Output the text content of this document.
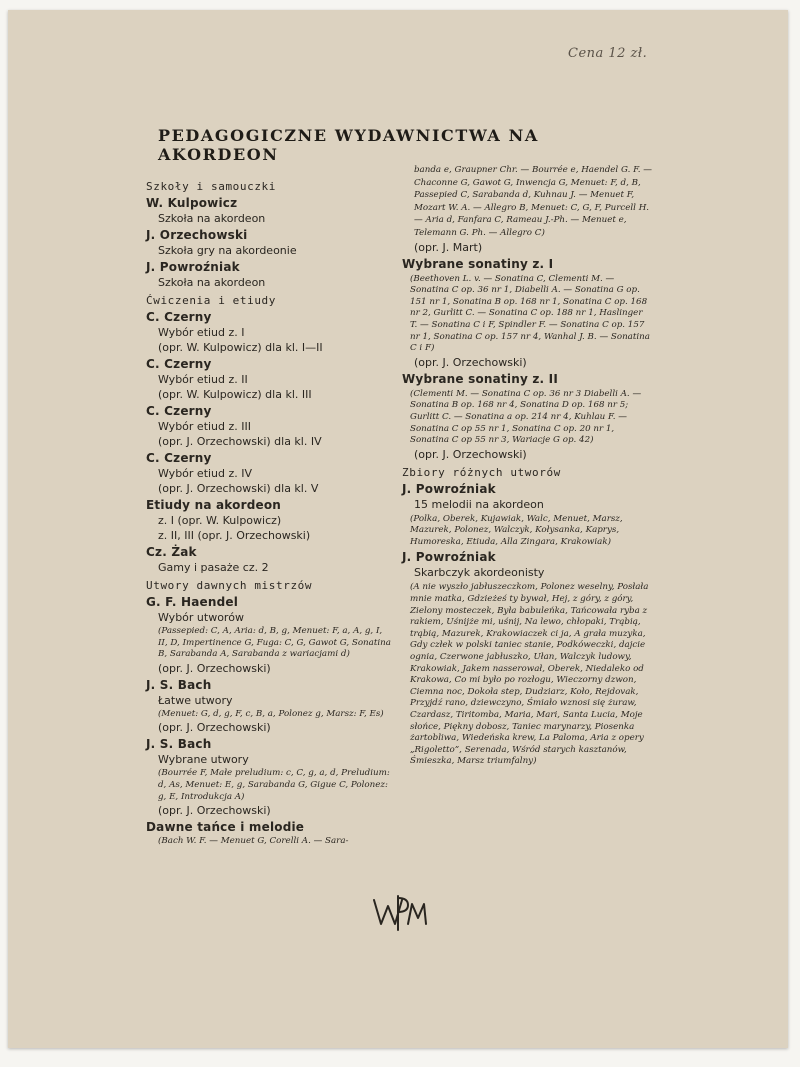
Cena 12 zł.
PEDAGOGICZNE WYDAWNICTWA NA AKORDEON
Szkoły i samouczki
W. Kulpowicz
Szkoła na akordeon
J. Orzechowski
Szkoła gry na akordeonie
J. Powroźniak
Szkoła na akordeon
Ćwiczenia i etiudy
C. Czerny
Wybór etiud z. I
(opr. W. Kulpowicz) dla kl. I—II
C. Czerny
Wybór etiud z. II
(opr. W. Kulpowicz) dla kl. III
C. Czerny
Wybór etiud z. III
(opr. J. Orzechowski) dla kl. IV
C. Czerny
Wybór etiud z. IV
(opr. J. Orzechowski) dla kl. V
Etiudy na akordeon
z. I (opr. W. Kulpowicz)
z. II, III (opr. J. Orzechowski)
Cz. Żak
Gamy i pasaże cz. 2
Utwory dawnych mistrzów
G. F. Haendel
Wybór utworów
(Passepied: C, A, Aria: d, B, g, Menuet: F, a, A, g, I, II, D, Impertinence G, Fuga: C, G, Gawot G, Sonatina B, Sarabanda A, Sarabanda z wariacjami d)
(opr. J. Orzechowski)
J. S. Bach
Łatwe utwory
(Menuet: G, d, g, F, c, B, a, Polonez g, Marsz: F, Es)
(opr. J. Orzechowski)
J. S. Bach
Wybrane utwory
(Bourrée F, Małe preludium: c, C, g, a, d, Preludium: d, As, Menuet: E, g, Sarabanda G, Gigue C, Polonez: g, E, Introdukcja A)
(opr. J. Orzechowski)
Dawne tańce i melodie
(Bach W. F. — Menuet G, Corelli A. — Sara-
banda e, Graupner Chr. — Bourrée e, Haendel G. F. — Chaconne G, Gawot G, Inwencja G, Menuet: F, d, B, Passepied C, Sarabanda d, Kuhnau J. — Menuet F, Mozart W. A. — Allegro B, Menuet: C, G, F, Purcell H. — Aria d, Fanfara C, Rameau J.-Ph. — Menuet e, Telemann G. Ph. — Allegro C)
(opr. J. Mart)
Wybrane sonatiny z. I
(Beethoven L. v. — Sonatina C, Clementi M. — Sonatina C op. 36 nr 1, Diabelli A. — Sonatina G op. 151 nr 1, Sonatina B op. 168 nr 1, Sonatina C op. 168 nr 2, Gurlitt C. — Sonatina C op. 188 nr 1, Haslinger T. — Sonatina C i F, Spindler F. — Sonatina C op. 157 nr 1, Sonatina C op. 157 nr 4, Wanhal J. B. — Sonatina C i F)
(opr. J. Orzechowski)
Wybrane sonatiny z. II
(Clementi M. — Sonatina C op. 36 nr 3 Diabelli A. — Sonatina B op. 168 nr 4, Sonatina D op. 168 nr 5; Gurlitt C. — Sonatina a op. 214 nr 4, Kuhlau F. — Sonatina C op 55 nr 1, Sonatina C op. 20 nr 1, Sonatina C op 55 nr 3, Wariacje G op. 42)
(opr. J. Orzechowski)
Zbiory różnych utworów
J. Powroźniak
15 melodii na akordeon
(Polka, Oberek, Kujawiak, Walc, Menuet, Marsz, Mazurek, Polonez, Walczyk, Kołysanka, Kaprys, Humoreska, Etiuda, Alla Zingara, Krakowiak)
J. Powroźniak
Skarbczyk akordeonisty
(A nie wyszło jabłuszeczkom, Polonez weselny, Posłała mnie matka, Gdzieżeś ty bywał, Hej, z góry, z góry, Zielony mosteczek, Była babuleńka, Tańcowała ryba z rakiem, Uśnijże mi, uśnij, Na lewo, chłopaki, Trąbią, trąbią, Mazurek, Krakowiaczek ci ja, A grała muzyka, Gdy człek w polski taniec stanie, Podkóweczki, dajcie ognia, Czerwone jabłuszko, Ułan, Walczyk ludowy, Krakowiak, Jakem nasserował, Oberek, Niedaleko od Krakowa, Co mi było po rozłogu, Wieczorny dzwon, Ciemna noc, Dokoła step, Dudziarz, Koło, Rejdovak, Przyjdź rano, dziewczyno, Śmiało wznosi się żuraw, Czardasz, Tiritomba, Maria, Mari, Santa Lucia, Moje słońce, Piękny dobosz, Taniec marynarzy, Piosenka żartobliwa, Wiedeńska krew, La Paloma, Aria z opery „Rigoletto”, Serenada, Wśród starych kasztanów, Śmieszka, Marsz triumfalny)
